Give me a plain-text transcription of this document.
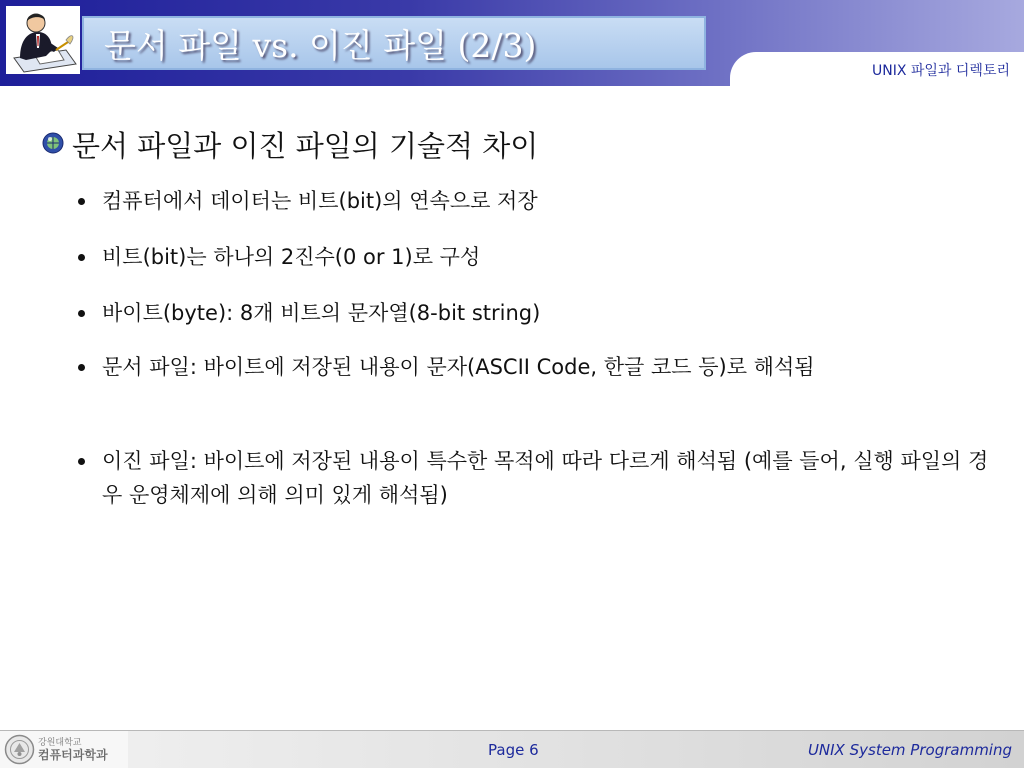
문서 파일 vs. 이진 파일 (2/3)
UNIX 파일과 디렉토리
문서 파일과 이진 파일의 기술적 차이
컴퓨터에서 데이터는 비트(bit)의 연속으로 저장
비트(bit)는 하나의 2진수(0 or 1)로 구성
바이트(byte): 8개 비트의 문자열(8-bit string)
문서 파일: 바이트에 저장된 내용이 문자(ASCII Code, 한글 코드 등)로 해석됨
이진 파일: 바이트에 저장된 내용이 특수한 목적에 따라 다르게 해석됨 (예를 들어, 실행 파일의 경우 운영체제에 의해 의미 있게 해석됨)
강원대학교
컴퓨터과학과	Page 6	UNIX System Programming
